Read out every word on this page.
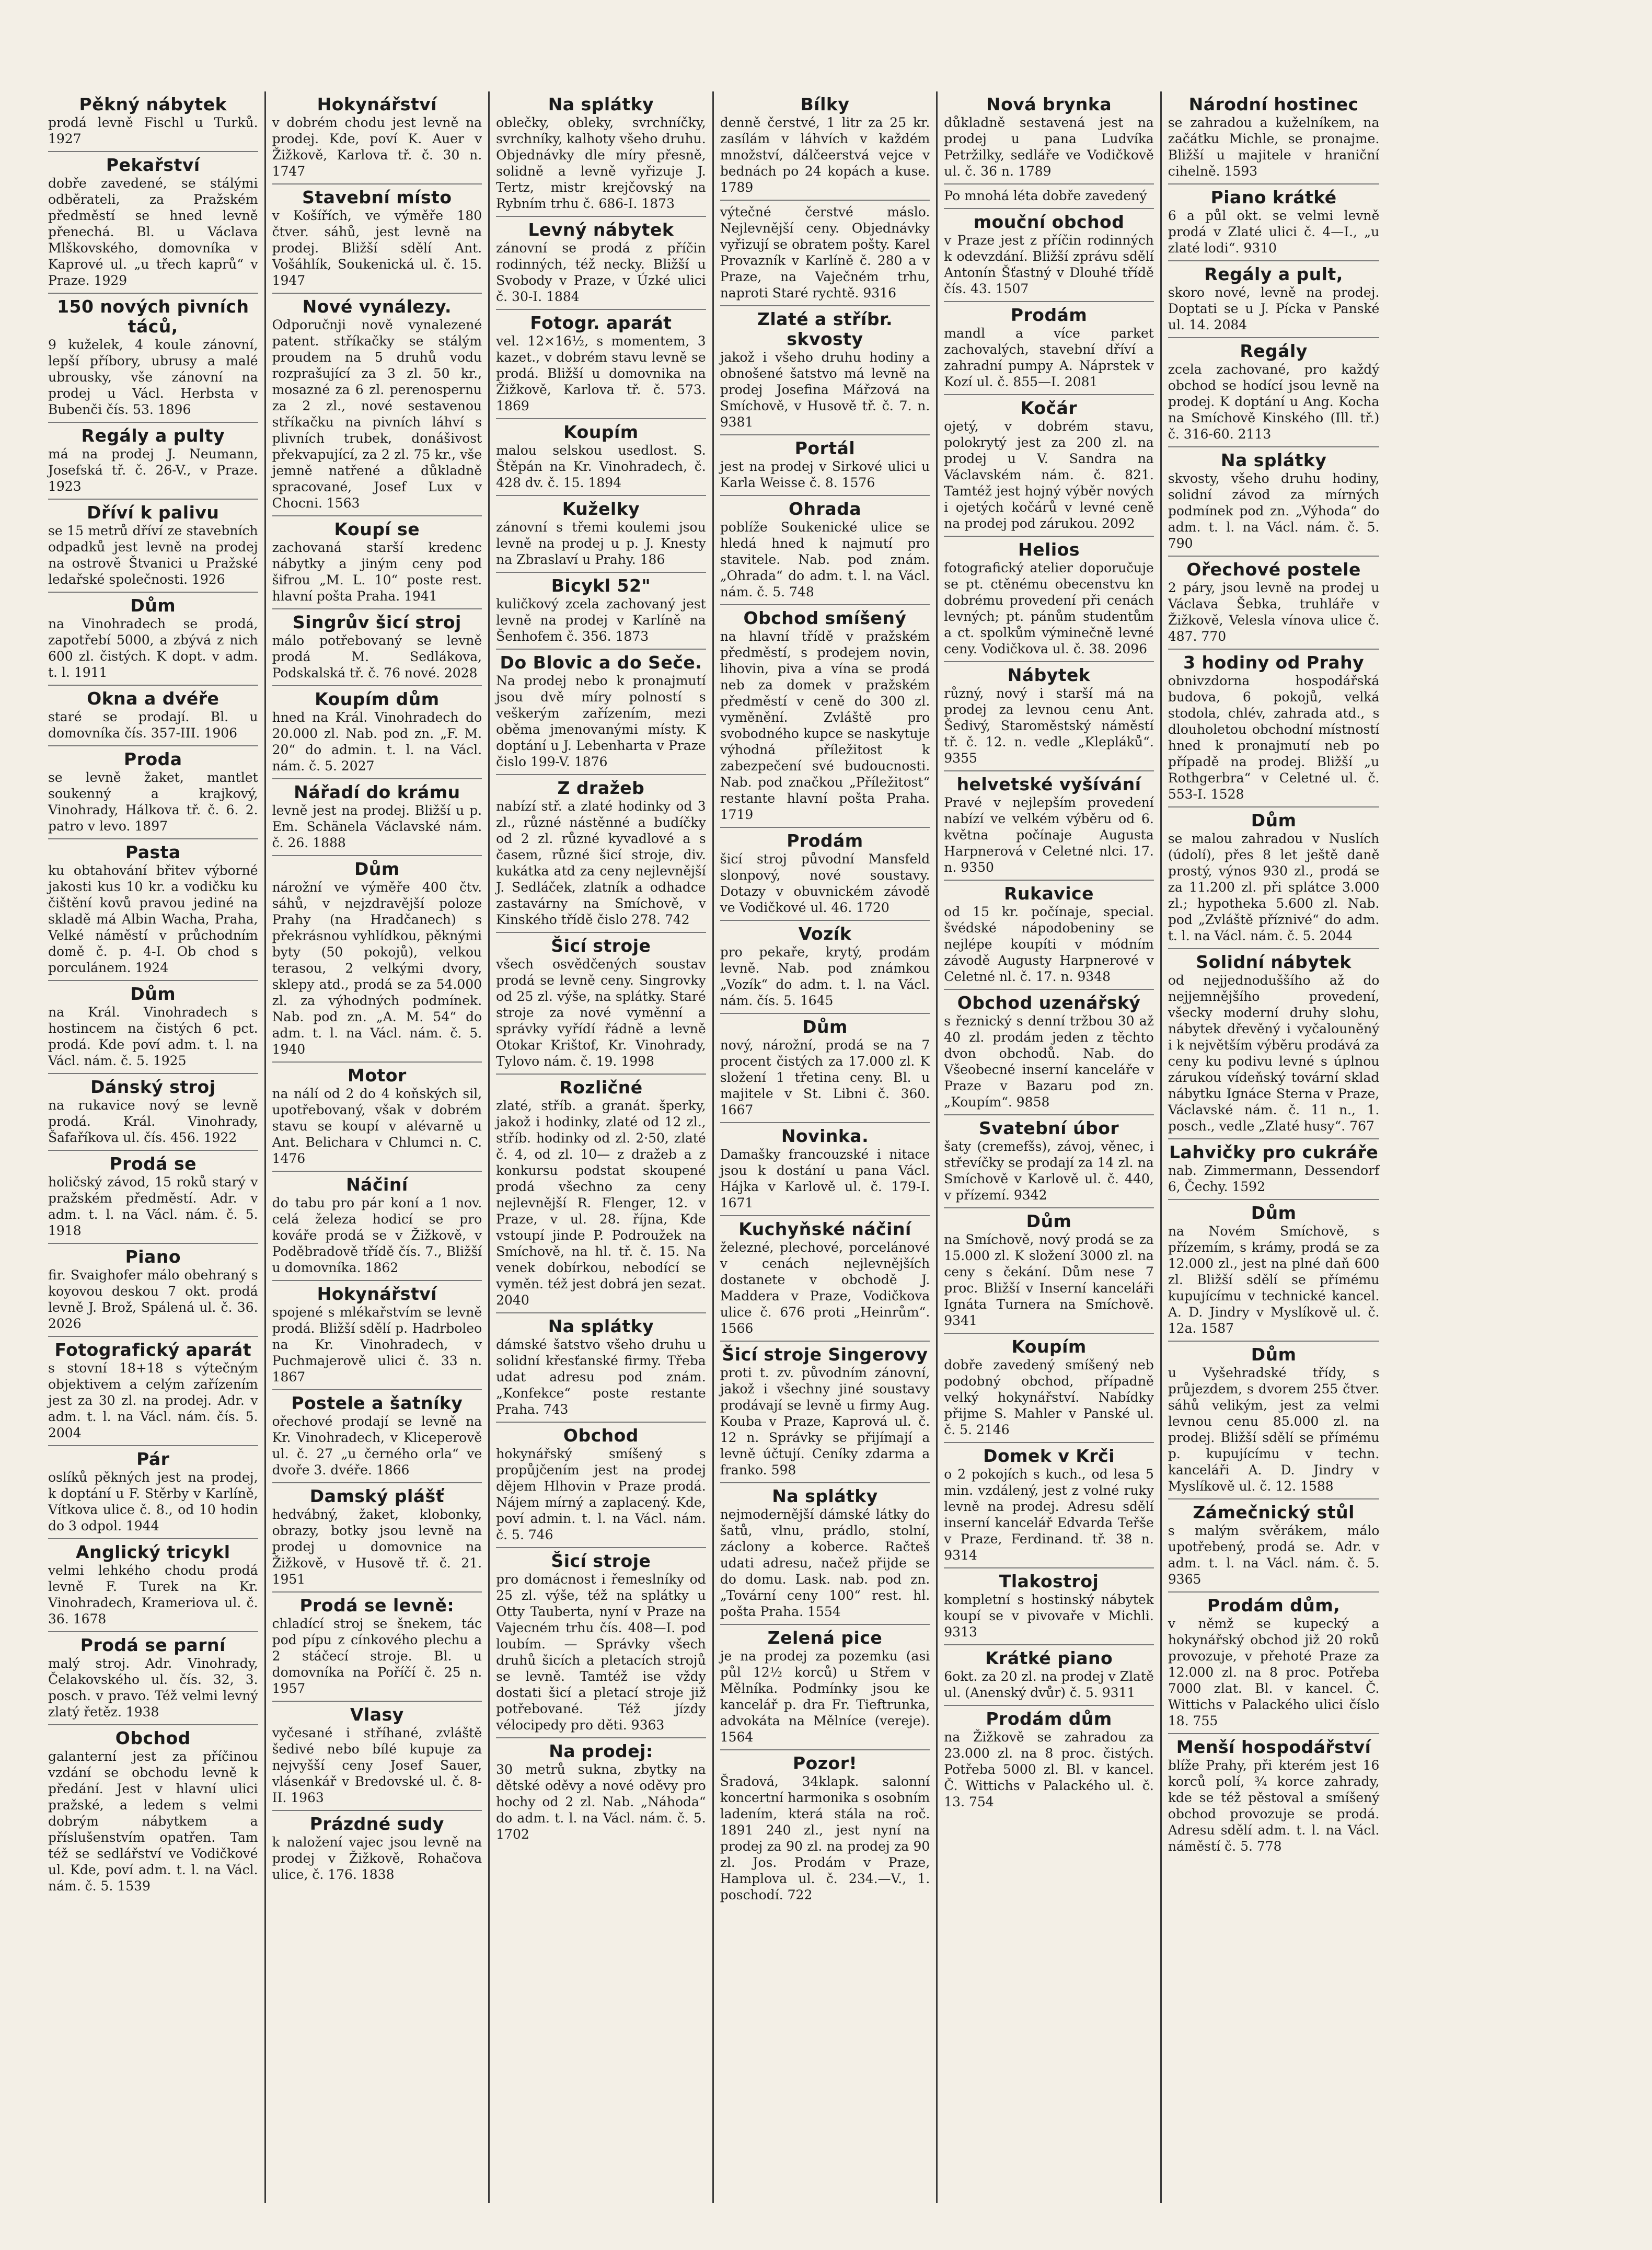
Pěkný nábytek
prodá levně Fischl u Turků. 1927
Pekařství
dobře zavedené, se stálými odběrateli, za Pražském předměstí se hned levně přenechá. Bl. u Václava Mlškovského, domovníka v Kaprové ul. „u třech kaprů“ v Praze. 1929
150 nových pivních táců,
9 kuželek, 4 koule zánovní, lepší příbory, ubrusy a malé ubrousky, vše zánovní na prodej u Václ. Herbsta v Bubenči čís. 53. 1896
Regály a pulty
má na prodej J. Neumann, Josefská tř. č. 26-V., v Praze. 1923
Dříví k palivu
se 15 metrů dříví ze stavebních odpadků jest levně na prodej na ostrově Štvanici u Pražské ledařské společnosti. 1926
Dům
na Vinohradech se prodá, zapotřebí 5000, a zbývá z nich 600 zl. čistých. K dopt. v adm. t. l. 1911
Okna a dvéře
staré se prodají. Bl. u domovníka čís. 357-III. 1906
Proda
se levně žaket, mantlet soukenný a krajkový, Vinohrady, Hálkova tř. č. 6. 2. patro v levo. 1897
Pasta
ku obtahování břitev výborné jakosti kus 10 kr. a vodičku ku čištění kovů pravou jediné na skladě má Albin Wacha, Praha, Velké náměstí v průchodním domě č. p. 4-I. Ob chod s porculánem. 1924
Dům
na Král. Vinohradech s hostincem na čistých 6 pct. prodá. Kde poví adm. t. l. na Václ. nám. č. 5. 1925
Dánský stroj
na rukavice nový se levně prodá. Král. Vinohrady, Šafaříkova ul. čís. 456. 1922
Prodá se
holičský závod, 15 roků starý v pražském předměstí. Adr. v adm. t. l. na Václ. nám. č. 5. 1918
Piano
fir. Svaighofer málo obehraný s koyovou deskou 7 okt. prodá levně J. Brož, Spálená ul. č. 36. 2026
Fotografický aparát
s stovní 18+18 s výtečným objektivem a celým zařízením jest za 30 zl. na prodej. Adr. v adm. t. l. na Václ. nám. čís. 5. 2004
Pár
oslíků pěkných jest na prodej, k doptání u F. Stěrby v Karlíně, Vítkova ulice č. 8., od 10 hodin do 3 odpol. 1944
Anglický tricykl
velmi lehkého chodu prodá levně F. Turek na Kr. Vinohradech, Krameriova ul. č. 36. 1678
Prodá se parní
malý stroj. Adr. Vinohrady, Čelakovského ul. čís. 32, 3. posch. v pravo. Též velmi levný zlatý řetěz. 1938
Obchod
galanterní jest za příčinou vzdání se obchodu levně k předání. Jest v hlavní ulici pražské, a ledem s velmi dobrým nábytkem a příslušenstvím opatřen. Tam též se sedlářství ve Vodičkové ul. Kde, poví adm. t. l. na Václ. nám. č. 5. 1539
Hokynářství
v dobrém chodu jest levně na prodej. Kde, poví K. Auer v Žižkově, Karlova tř. č. 30 n. 1747
Stavební místo
v Košířích, ve výměře 180 čtver. sáhů, jest levně na prodej. Bližší sdělí Ant. Vošáhlík, Soukenická ul. č. 15. 1947
Nové vynálezy.
Odporučnji nově vynalezené patent. stříkačky se stálým proudem na 5 druhů vodu rozprašující za 3 zl. 50 kr., mosazné za 6 zl. perenospernu za 2 zl., nové sestavenou stříkačku na pivních láhví s plivních trubek, donášivost překvapující, za 2 zl. 75 kr., vše jemně natřené a důkladně spracované, Josef Lux v Chocni. 1563
Koupí se
zachovaná starší kredenc nábytky a jiným ceny pod šifrou „M. L. 10“ poste rest. hlavní pošta Praha. 1941
Singrův šicí stroj
málo potřebovaný se levně prodá M. Sedlákova, Podskalská tř. č. 76 nové. 2028
Koupím dům
hned na Král. Vinohradech do 20.000 zl. Nab. pod zn. „F. M. 20“ do admin. t. l. na Václ. nám. č. 5. 2027
Nářadí do krámu
levně jest na prodej. Bližší u p. Em. Schänela Václavské nám. č. 26. 1888
Dům
nárožní ve výměře 400 čtv. sáhů, v nejzdravější poloze Prahy (na Hradčanech) s překrásnou vyhlídkou, pěknými byty (50 pokojů), velkou terasou, 2 velkými dvory, sklepy atd., prodá se za 54.000 zl. za výhodných podmínek. Nab. pod zn. „A. M. 54“ do adm. t. l. na Václ. nám. č. 5. 1940
Motor
na nálí od 2 do 4 koňských sil, upotřebovaný, však v dobrém stavu se koupí v alévarně u Ant. Belichara v Chlumci n. C. 1476
Náčiní
do tabu pro pár koní a 1 nov. celá železa hodicí se pro kováře prodá se v Žižkově, v Poděbradově třídě čís. 7., Bližší u domovníka. 1862
Hokynářství
spojené s mlékařstvím se levně prodá. Bližší sdělí p. Hadrboleo na Kr. Vinohradech, v Puchmajerově ulici č. 33 n. 1867
Postele a šatníky
ořechové prodají se levně na Kr. Vinohradech, v Kliceperově ul. č. 27 „u černého orla“ ve dvoře 3. dvéře. 1866
Damský plášť
hedvábný, žaket, klobonky, obrazy, botky jsou levně na prodej u domovnice na Žižkově, v Husově tř. č. 21. 1951
Prodá se levně:
chladící stroj se šnekem, tác pod pípu z cínkového plechu a 2 stáčecí stroje. Bl. u domovníka na Poříčí č. 25 n. 1957
Vlasy
vyčesané i stříhané, zvláště šedivé nebo bílé kupuje za nejvyšší ceny Josef Sauer, vlásenkář v Bredovské ul. č. 8-II. 1963
Prázdné sudy
k naložení vajec jsou levně na prodej v Žižkově, Rohačova ulice, č. 176. 1838
Na splátky
oblečky, obleky, svrchníčky, svrchníky, kalhoty všeho druhu. Objednávky dle míry přesně, solidně a levně vyřizuje J. Tertz, mistr krejčovský na Rybním trhu č. 686-I. 1873
Levný nábytek
zánovní se prodá z příčin rodinných, též necky. Bližší u Svobody v Praze, v Úzké ulici č. 30-I. 1884
Fotogr. aparát
vel. 12×16½, s momentem, 3 kazet., v dobrém stavu levně se prodá. Bližší u domovnika na Žižkově, Karlova tř. č. 573. 1869
Koupím
malou selskou usedlost. S. Štěpán na Kr. Vinohradech, č. 428 dv. č. 15. 1894
Kuželky
zánovní s třemi koulemi jsou levně na prodej u p. J. Knesty na Zbraslaví u Prahy. 186
Bicykl 52"
kuličkový zcela zachovaný jest levně na prodej v Karlíně na Šenhofem č. 356. 1873
Do Blovic a do Seče.
Na prodej nebo k pronajmutí jsou dvě míry polností s veškerým zařízením, mezi oběma jmenovanými místy. K doptání u J. Lebenharta v Praze čislo 199-V. 1876
Z dražeb
nabízí stř. a zlaté hodinky od 3 zl., různé nástěnné a budíčky od 2 zl. různé kyvadlové a s časem, různé šicí stroje, div. kukátka atd za ceny nejlevnější J. Sedláček, zlatník a odhadce zastavárny na Smíchově, v Kinského třídě čislo 278. 742
Šicí stroje
všech osvědčených soustav prodá se levně ceny. Singrovky od 25 zl. výše, na splátky. Staré stroje za nové vyměnní a správky vyřídí řádně a levně Otokar Krištof, Kr. Vinohrady, Tylovo nám. č. 19. 1998
Rozličné
zlaté, stříb. a granát. šperky, jakož i hodinky, zlaté od 12 zl., stříb. hodinky od zl. 2·50, zlaté č. 4, od zl. 10— z dražeb a z konkursu podstat skoupené prodá všechno za ceny nejlevnější R. Flenger, 12. v Praze, v ul. 28. října, Kde vstoupí jinde P. Podroužek na Smíchově, na hl. tř. č. 15. Na venek dobírkou, nebodící se vyměn. též jest dobrá jen sezat. 2040
Na splátky
dámské šatstvo všeho druhu u solidní křesťanské firmy. Třeba udat adresu pod znám. „Konfekce“ poste restante Praha. 743
Obchod
hokynářský smíšený s propůjčením jest na prodej dějem Hlhovin v Praze prodá. Nájem mírný a zaplacený. Kde, poví admin. t. l. na Václ. nám. č. 5. 746
Šicí stroje
pro domácnost i řemeslníky od 25 zl. výše, též na splátky u Otty Tauberta, nyní v Praze na Vajecném trhu čís. 408—I. pod loubím. — Správky všech druhů šicích a pletacích strojů se levně. Tamtéž ise vždy dostati šicí a pletací stroje již potřebované. Též jízdy vélocipedy pro děti. 9363
Na prodej:
30 metrů sukna, zbytky na dětské oděvy a nové oděvy pro hochy od 2 zl. Nab. „Náhoda“ do adm. t. l. na Václ. nám. č. 5. 1702
Bílky
denně čerstvé, 1 litr za 25 kr. zasílám v láhvích v každém množství, dálčeerstvá vejce v bednách po 24 kopách a kuse. 1789
výtečné čerstvé máslo. Nejlevnější ceny. Objednávky vyřizují se obratem pošty. Karel Provazník v Karlíně č. 280 a v Praze, na Vaječném trhu, naproti Staré rychtě. 9316
Zlaté a stříbr. skvosty
jakož i všeho druhu hodiny a obnošené šatstvo má levně na prodej Josefina Mářzová na Smíchově, v Husově tř. č. 7. n. 9381
Portál
jest na prodej v Sirkové ulici u Karla Weisse č. 8. 1576
Ohrada
poblíže Soukenické ulice se hledá hned k najmutí pro stavitele. Nab. pod znám. „Ohrada“ do adm. t. l. na Václ. nám. č. 5. 748
Obchod smíšený
na hlavní třídě v pražském předměstí, s prodejem novin, lihovin, piva a vína se prodá neb za domek v pražském předměstí v ceně do 300 zl. vyměnění. Zvláště pro svobodného kupce se naskytuje výhodná příležitost k zabezpečení své budoucnosti. Nab. pod značkou „Příležitost“ restante hlavní pošta Praha. 1719
Prodám
šicí stroj původní Mansfeld slonpový, nové soustavy. Dotazy v obuvnickém závodě ve Vodičkové ul. 46. 1720
Vozík
pro pekaře, krytý, prodám levně. Nab. pod známkou „Vozík“ do adm. t. l. na Václ. nám. čís. 5. 1645
Dům
nový, nárožní, prodá se na 7 procent čistých za 17.000 zl. K složení 1 třetina ceny. Bl. u majitele v St. Libni č. 360. 1667
Novinka.
Damašky francouzské i nitace jsou k dostání u pana Václ. Hájka v Karlově ul. č. 179-I. 1671
Kuchyňské náčiní
železné, plechové, porcelánové v cenách nejlevnějších dostanete v obchodě J. Maddera v Praze, Vodičkova ulice č. 676 proti „Heinrům“. 1566
Šicí stroje Singerovy
proti t. zv. původním zánovní, jakož i všechny jiné soustavy prodávají se levně u firmy Aug. Kouba v Praze, Kaprová ul. č. 12 n. Správky se přijímají a levně účtují. Ceníky zdarma a franko. 598
Na splátky
nejmodernější dámské látky do šatů, vlnu, prádlo, stolní, záclony a koberce. Račteš udati adresu, načež přijde se do domu. Lask. nab. pod zn. „Tovární ceny 100“ rest. hl. pošta Praha. 1554
Zelená pice
je na prodej za pozemku (asi půl 12¹⁄₂ korců) u Střem v Mělníka. Podmínky jsou ke kancelář p. dra Fr. Tieftrunka, advokáta na Mělníce (vereje). 1564
Pozor!
Šradová, 34klapk. salonní koncertní harmonika s osobním ladením, která stála na roč. 1891 240 zl., jest nyní na prodej za 90 zl. na prodej za 90 zl. Jos. Prodám v Praze, Hamplova ul. č. 234.—V., 1. poschodí. 722
Nová brynka
důkladně sestavená jest na prodej u pana Ludvíka Petržilky, sedláře ve Vodičkově ul. č. 36 n. 1789
Po mnohá léta dobře zavedený
mouční obchod
v Praze jest z příčin rodinných k odevzdání. Bližší zprávu sdělí Antonín Šťastný v Dlouhé třídě čís. 43. 1507
Prodám
mandl a více parket zachovalých, stavební dříví a zahradní pumpy A. Náprstek v Kozí ul. č. 855—I. 2081
Kočár
ojetý, v dobrém stavu, polokrytý jest za 200 zl. na prodej u V. Sandra na Václavském nám. č. 821. Tamtéž jest hojný výběr nových i ojetých kočárů v levné ceně na prodej pod zárukou. 2092
Helios
fotografický atelier doporučuje se pt. ctěnému obecenstvu kn dobrému provedení při cenách levných; pt. pánům studentům a ct. spolkům výminečně levné ceny. Vodičkova ul. č. 38. 2096
Nábytek
různý, nový i starší má na prodej za levnou cenu Ant. Šedivý, Staroměstský náměstí tř. č. 12. n. vedle „Klepláků“. 9355
helvetské vyšívání
Pravé v nejlepším provedení nabízí ve velkém výběru od 6. května počínaje Augusta Harpnerová v Celetné nlci. 17. n. 9350
Rukavice
od 15 kr. počínaje, special. švédské nápodobeniny se nejlépe koupíti v módním závodě Augusty Harpnerové v Celetné nl. č. 17. n. 9348
Obchod uzenářský
s řeznický s denní tržbou 30 až 40 zl. prodám jeden z těchto dvon obchodů. Nab. do Všeobecné inserní kanceláře v Praze v Bazaru pod zn. „Koupím“. 9858
Svatební úbor
šaty (cremefšs), závoj, věnec, i střevíčky se prodají za 14 zl. na Smíchově v Karlově ul. č. 440, v přízemí. 9342
Dům
na Smíchově, nový prodá se za 15.000 zl. K složení 3000 zl. na ceny s čekání. Dům nese 7 proc. Bližší v Inserní kanceláři Ignáta Turnera na Smíchově. 9341
Koupím
dobře zavedený smíšený neb podobný obchod, případně velký hokynářství. Nabídky přijme S. Mahler v Panské ul. č. 5. 2146
Domek v Krči
o 2 pokojích s kuch., od lesa 5 min. vzdálený, jest z volné ruky levně na prodej. Adresu sdělí inserní kancelář Edvarda Teřše v Praze, Ferdinand. tř. 38 n. 9314
Tlakostroj
kompletní s hostinský nábytek koupí se v pivovaře v Michli. 9313
Krátké piano
6okt. za 20 zl. na prodej v Zlatě ul. (Anenský dvůr) č. 5. 9311
Prodám dům
na Žižkově se zahradou za 23.000 zl. na 8 proc. čistých. Potřeba 5000 zl. Bl. v kancel. Č. Wittichs v Palackého ul. č. 13. 754
Národní hostinec
se zahradou a kuželníkem, na začátku Michle, se pronajme. Bližší u majitele v hraniční cihelně. 1593
Piano krátké
6 a půl okt. se velmi levně prodá v Zlaté ulici č. 4—I., „u zlaté lodi“. 9310
Regály a pult,
skoro nové, levně na prodej. Doptati se u J. Pícka v Panské ul. 14. 2084
Regály
zcela zachované, pro každý obchod se hodící jsou levně na prodej. K doptání u Ang. Kocha na Smíchově Kinského (Ill. tř.) č. 316-60. 2113
Na splátky
skvosty, všeho druhu hodiny, solidní závod za mírných podmínek pod zn. „Výhoda“ do adm. t. l. na Václ. nám. č. 5. 790
Ořechové postele
2 páry, jsou levně na prodej u Václava Šebka, truhláře v Žižkově, Velesla vínova ulice č. 487. 770
3 hodiny od Prahy
obnivzdorna hospodářská budova, 6 pokojů, velká stodola, chlév, zahrada atd., s dlouholetou obchodní místností hned k pronajmutí neb po případě na prodej. Bližší „u Rothgerbra“ v Celetné ul. č. 553-I. 1528
Dům
se malou zahradou v Nuslích (údolí), přes 8 let ještě daně prostý, výnos 930 zl., prodá se za 11.200 zl. při splátce 3.000 zl.; hypotheka 5.600 zl. Nab. pod „Zvláště příznivé“ do adm. t. l. na Václ. nám. č. 5. 2044
Solidní nábytek
od nejjednoduššího až do nejjemnějšího provedení, všecky moderní druhy slohu, nábytek dřevěný i vyčalouněný i k největším výběru prodává za ceny ku podivu levné s úplnou zárukou vídeňský tovární sklad nábytku Ignáce Sterna v Praze, Václavské nám. č. 11 n., 1. posch., vedle „Zlaté husy“. 767
Lahvičky pro cukráře
nab. Zimmermann, Dessendorf 6, Čechy. 1592
Dům
na Novém Smíchově, s přízemím, s krámy, prodá se za 12.000 zl., jest na plné daň 600 zl. Bližší sdělí se přímému kupujícímu v technické kancel. A. D. Jindry v Myslíkově ul. č. 12a. 1587
Dům
u Vyšehradské třídy, s průjezdem, s dvorem 255 čtver. sáhů velikým, jest za velmi levnou cenu 85.000 zl. na prodej. Bližší sdělí se přímému p. kupujícímu v techn. kanceláři A. D. Jindry v Myslíkově ul. č. 12. 1588
Zámečnický stůl
s malým svěrákem, málo upotřebený, prodá se. Adr. v adm. t. l. na Václ. nám. č. 5. 9365
Prodám dům,
v němž se kupecký a hokynářský obchod již 20 roků provozuje, v přehoté Praze za 12.000 zl. na 8 proc. Potřeba 7000 zlat. Bl. v kancel. Č. Wittichs v Palackého ulici číslo 18. 755
Menší hospodářství
blíže Prahy, při kterém jest 16 korců polí, ³⁄₄ korce zahrady, kde se též pěstoval a smíšený obchod provozuje se prodá. Adresu sdělí adm. t. l. na Václ. náměstí č. 5. 778
